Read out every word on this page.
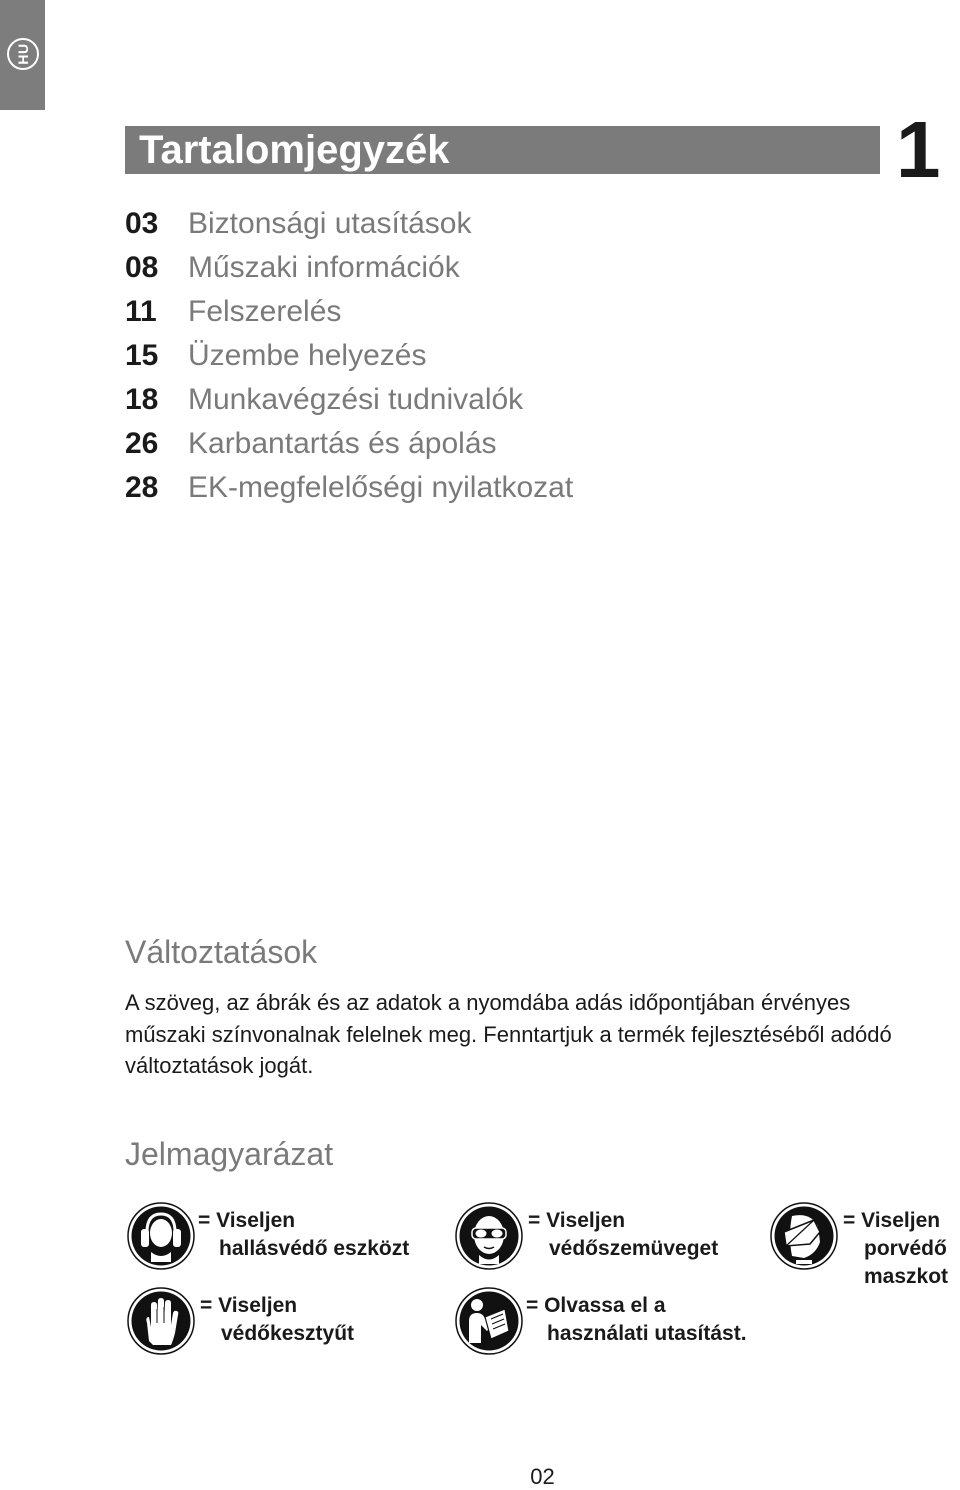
HU
Tartalomjegyzék	1
03 Biztonsági utasítások
08 Műszaki információk
11	Felszerelés
15 Üzembe helyezés
18 Munkavégzési tudnivalók
26 Karbantartás és ápolás
28 EK-megfelelőségi nyilatkozat
Változtatások
A szöveg, az ábrák és az adatok a nyomdába adás időpontjában érvényes műszaki színvonalnak felelnek meg. Fenntartjuk a termék fejlesztéséből adódó változtatások jogát.
Jelmagyarázat
= Viseljen
hallásvédő eszközt
= Viseljen
védőszemüveget
= Viseljen
porvédő
maszkot
= Viseljen
védőkesztyűt
= Olvassa el a
használati utasítást.
02
